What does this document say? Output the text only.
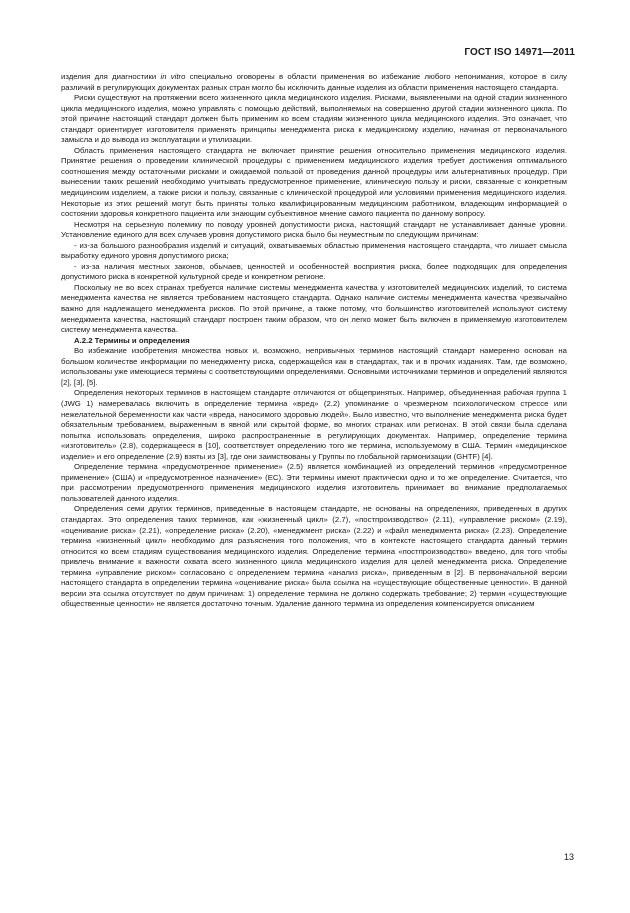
ГОСТ ISO 14971—2011

изделия для диагностики in vitro специально оговорены в области применения во избежание любого непонимания, которое в силу различий в регулирующих документах разных стран могло бы исключить данные изделия из области применения настоящего стандарта.

Риски существуют на протяжении всего жизненного цикла медицинского изделия. Рисками, выявленными на одной стадии жизненного цикла медицинского изделия, можно управлять с помощью действий, выполняемых на совершенно другой стадии жизненного цикла. По этой причине настоящий стандарт должен быть применим ко всем стадиям жизненного цикла медицинского изделия. Это означает, что стандарт ориентирует изготовителя применять принципы менеджмента риска к медицинскому изделию, начиная от первоначального замысла и до вывода из эксплуатации и утилизации.

Область применения настоящего стандарта не включает принятие решения относительно применения медицинского изделия. Принятие решения о проведении клинической процедуры с применением медицинского изделия требует достижения оптимального соотношения между остаточными рисками и ожидаемой пользой от проведения данной процедуры или альтернативных процедур. При вынесении таких решений необходимо учитывать предусмотренное применение, клиническую пользу и риски, связанные с конкретным медицинским изделием, а также риски и пользу, связанные с клинической процедурой или условиями применения медицинского изделия. Некоторые из этих решений могут быть приняты только квалифицированным медицинским работником, владеющим информацией о состоянии здоровья конкретного пациента или знающим субъективное мнение самого пациента по данному вопросу.

Несмотря на серьезную полемику по поводу уровней допустимости риска, настоящий стандарт не устанавливает данные уровни. Установление единого для всех случаев уровня допустимого риска было бы неуместным по следующим причинам:

- из-за большого разнообразия изделий и ситуаций, охватываемых областью применения настоящего стандарта, что лишает смысла выработку единого уровня допустимого риска;

- из-за наличия местных законов, обычаев, ценностей и особенностей восприятия риска, более подходящих для определения допустимого риска в конкретной культурной среде и конкретном регионе.

Поскольку не во всех странах требуется наличие системы менеджмента качества у изготовителей медицинских изделий, то система менеджмента качества не является требованием настоящего стандарта. Однако наличие системы менеджмента качества чрезвычайно важно для надлежащего менеджмента рисков. По этой причине, а также потому, что большинство изготовителей используют систему менеджмента качества, настоящий стандарт построен таким образом, что он легко может быть включен в применяемую изготовителем систему менеджмента качества.

А.2.2 Термины и определения

Во избежание изобретения множества новых и, возможно, непривычных терминов настоящий стандарт намеренно основан на большом количестве информации по менеджменту риска, содержащейся как в стандартах, так и в прочих изданиях. Там, где возможно, использованы уже имеющиеся термины с соответствующими определениями. Основными источниками терминов и определений являются [2], [3], [5].

Определения некоторых терминов в настоящем стандарте отличаются от общепринятых. Например, объединенная рабочая группа 1 (JWG 1) намеревалась включить в определение термина «вред» (2.2) упоминание о чрезмерном психологическом стрессе или нежелательной беременности как части «вреда, наносимого здоровью людей». Было известно, что выполнение менеджмента риска будет обязательным требованием, выраженным в явной или скрытой форме, во многих странах или регионах. В этой связи была сделана попытка использовать определения, широко распространенные в регулирующих документах. Например, определение термина «изготовитель» (2.8), содержащееся в [10], соответствует определению того же термина, используемому в США. Термин «медицинское изделие» и его определение (2.9) взяты из [3], где они заимствованы у Группы по глобальной гармонизации (GHTF) [4].

Определение термина «предусмотренное применение» (2.5) является комбинацией из определений терминов «предусмотренное применение» (США) и «предусмотренное назначение» (ЕС). Эти термины имеют практически одно и то же определение. Считается, что при рассмотрении предусмотренного применения медицинского изделия изготовитель принимает во внимание предполагаемых пользователей данного изделия.

Определения семи других терминов, приведенные в настоящем стандарте, не основаны на определениях, приведенных в других стандартах. Это определения таких терминов, как «жизненный цикл» (2.7), «постпроизводство» (2.11), «управление риском» (2.19), «оценивание риска» (2.21), «определение риска» (2.20), «менеджмент риска» (2.22) и «файл менеджмента риска» (2.23). Определение термина «жизненный цикл» необходимо для разъяснения того положения, что в контексте настоящего стандарта данный термин относится ко всем стадиям существования медицинского изделия. Определение термина «постпроизводство» введено, для того чтобы привлечь внимание к важности охвата всего жизненного цикла медицинского изделия для целей менеджмента риска. Определение термина «управление риском» согласовано с определением термина «анализ риска», приведенным в [2]. В первоначальной версии настоящего стандарта в определении термина «оценивание риска» была ссылка на «существующие общественные ценности». В данной версии эта ссылка отсутствует по двум причинам: 1) определение термина не должно содержать требование; 2) термин «существующие общественные ценности» не является достаточно точным. Удаление данного термина из определения компенсируется описанием

13
